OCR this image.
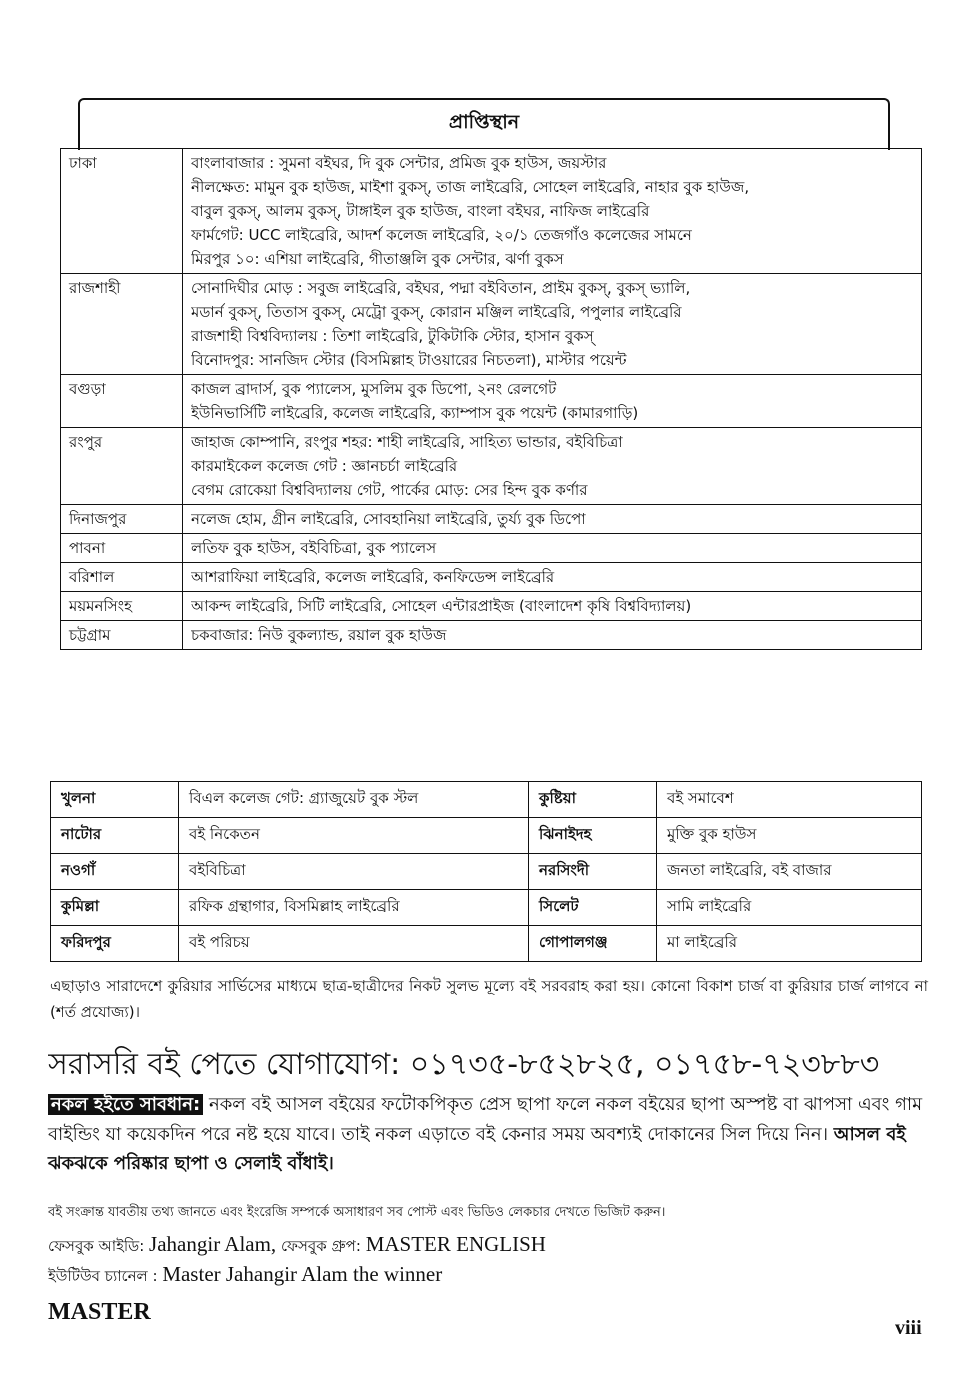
প্রাপ্তিস্থান
ঢাকা	বাংলাবাজার : সুমনা বইঘর, দি বুক সেন্টার, প্রমিজ বুক হাউস, জয়স্টার
নীলক্ষেত: মামুন বুক হাউজ, মাইশা বুকস্, তাজ লাইব্রেরি, সোহেল লাইব্রেরি, নাহার বুক হাউজ,
বাবুল বুকস্, আলম বুকস্, টাঙ্গাইল বুক হাউজ, বাংলা বইঘর, নাফিজ লাইব্রেরি
ফার্মগেট: UCC লাইব্রেরি, আদর্শ কলেজ লাইব্রেরি, ২০/১ তেজগাঁও কলেজের সামনে
মিরপুর ১০: এশিয়া লাইব্রেরি, গীতাঞ্জলি বুক সেন্টার, ঝর্ণা বুকস

রাজশাহী	সোনাদিঘীর মোড় : সবুজ লাইব্রেরি, বইঘর, পদ্মা বইবিতান, প্রাইম বুকস্, বুকস্ ভ্যালি,
মডার্ন বুকস্, তিতাস বুকস্, মেট্রো বুকস্, কোরান মঞ্জিল লাইব্রেরি, পপুলার লাইব্রেরি
রাজশাহী বিশ্ববিদ্যালয় : তিশা লাইব্রেরি, টুকিটাকি স্টোর, হাসান বুকস্
বিনোদপুর: সানজিদ স্টোর (বিসমিল্লাহ টাওয়ারের নিচতলা), মাস্টার পয়েন্ট

বগুড়া	কাজল ব্রাদার্স, বুক প্যালেস, মুসলিম বুক ডিপো, ২নং রেলগেট
ইউনিভার্সিটি লাইব্রেরি, কলেজ লাইব্রেরি, ক্যাম্পাস বুক পয়েন্ট (কামারগাড়ি)

রংপুর	জাহাজ কোম্পানি, রংপুর শহর: শাহী লাইব্রেরি, সাহিত্য ভান্ডার, বইবিচিত্রা
কারমাইকেল কলেজ গেট : জ্ঞানচর্চা লাইব্রেরি
বেগম রোকেয়া বিশ্ববিদ্যালয় গেট, পার্কের মোড়: সের হিন্দ বুক কর্ণার

দিনাজপুর	নলেজ হোম, গ্রীন লাইব্রেরি, সোবহানিয়া লাইব্রেরি, তুর্য্য বুক ডিপো

পাবনা	লতিফ বুক হাউস, বইবিচিত্রা, বুক প্যালেস

বরিশাল	আশরাফিয়া লাইব্রেরি, কলেজ লাইব্রেরি, কনফিডেন্স লাইব্রেরি

ময়মনসিংহ	আকন্দ লাইব্রেরি, সিটি লাইব্রেরি, সোহেল এন্টারপ্রাইজ (বাংলাদেশ কৃষি বিশ্ববিদ্যালয়)

চট্টগ্রাম	চকবাজার: নিউ বুকল্যান্ড, রয়াল বুক হাউজ
খুলনা	বিএল কলেজ গেট: গ্র্যাজুয়েট বুক স্টল	কুষ্টিয়া	বই সমাবেশ
নাটোর	বই নিকেতন	ঝিনাইদহ	মুক্তি বুক হাউস
নওগাঁ	বইবিচিত্রা	নরসিংদী	জনতা লাইব্রেরি, বই বাজার
কুমিল্লা	রফিক গ্রন্থাগার, বিসমিল্লাহ লাইব্রেরি	সিলেট	সামি লাইব্রেরি
ফরিদপুর	বই পরিচয়	গোপালগঞ্জ	মা লাইব্রেরি
এছাড়াও সারাদেশে কুরিয়ার সার্ভিসের মাধ্যমে ছাত্র-ছাত্রীদের নিকট সুলভ মূল্যে বই সরবরাহ করা হয়। কোনো বিকাশ চার্জ বা কুরিয়ার চার্জ লাগবে না (শর্ত প্রযোজ্য)।
সরাসরি বই পেতে যোগাযোগ: ০১৭৩৫-৮৫২৮২৫, ০১৭৫৮-৭২৩৮৮৩
নকল হইতে সাবধান: নকল বই আসল বইয়ের ফটোকপিকৃত প্রেস ছাপা ফলে নকল বইয়ের ছাপা অস্পষ্ট বা ঝাপসা এবং গাম বাইন্ডিং যা কয়েকদিন পরে নষ্ট হয়ে যাবে। তাই নকল এড়াতে বই কেনার সময় অবশ্যই দোকানের সিল দিয়ে নিন। আসল বই ঝকঝকে পরিষ্কার ছাপা ও সেলাই বাঁধাই।
বই সংক্রান্ত যাবতীয় তথ্য জানতে এবং ইংরেজি সম্পর্কে অসাধারণ সব পোস্ট এবং ভিডিও লেকচার দেখতে ভিজিট করুন।
ফেসবুক আইডি: Jahangir Alam, ফেসবুক গ্রুপ: MASTER ENGLISH
ইউটিউব চ্যানেল : Master Jahangir Alam the winner
MASTER
viii
